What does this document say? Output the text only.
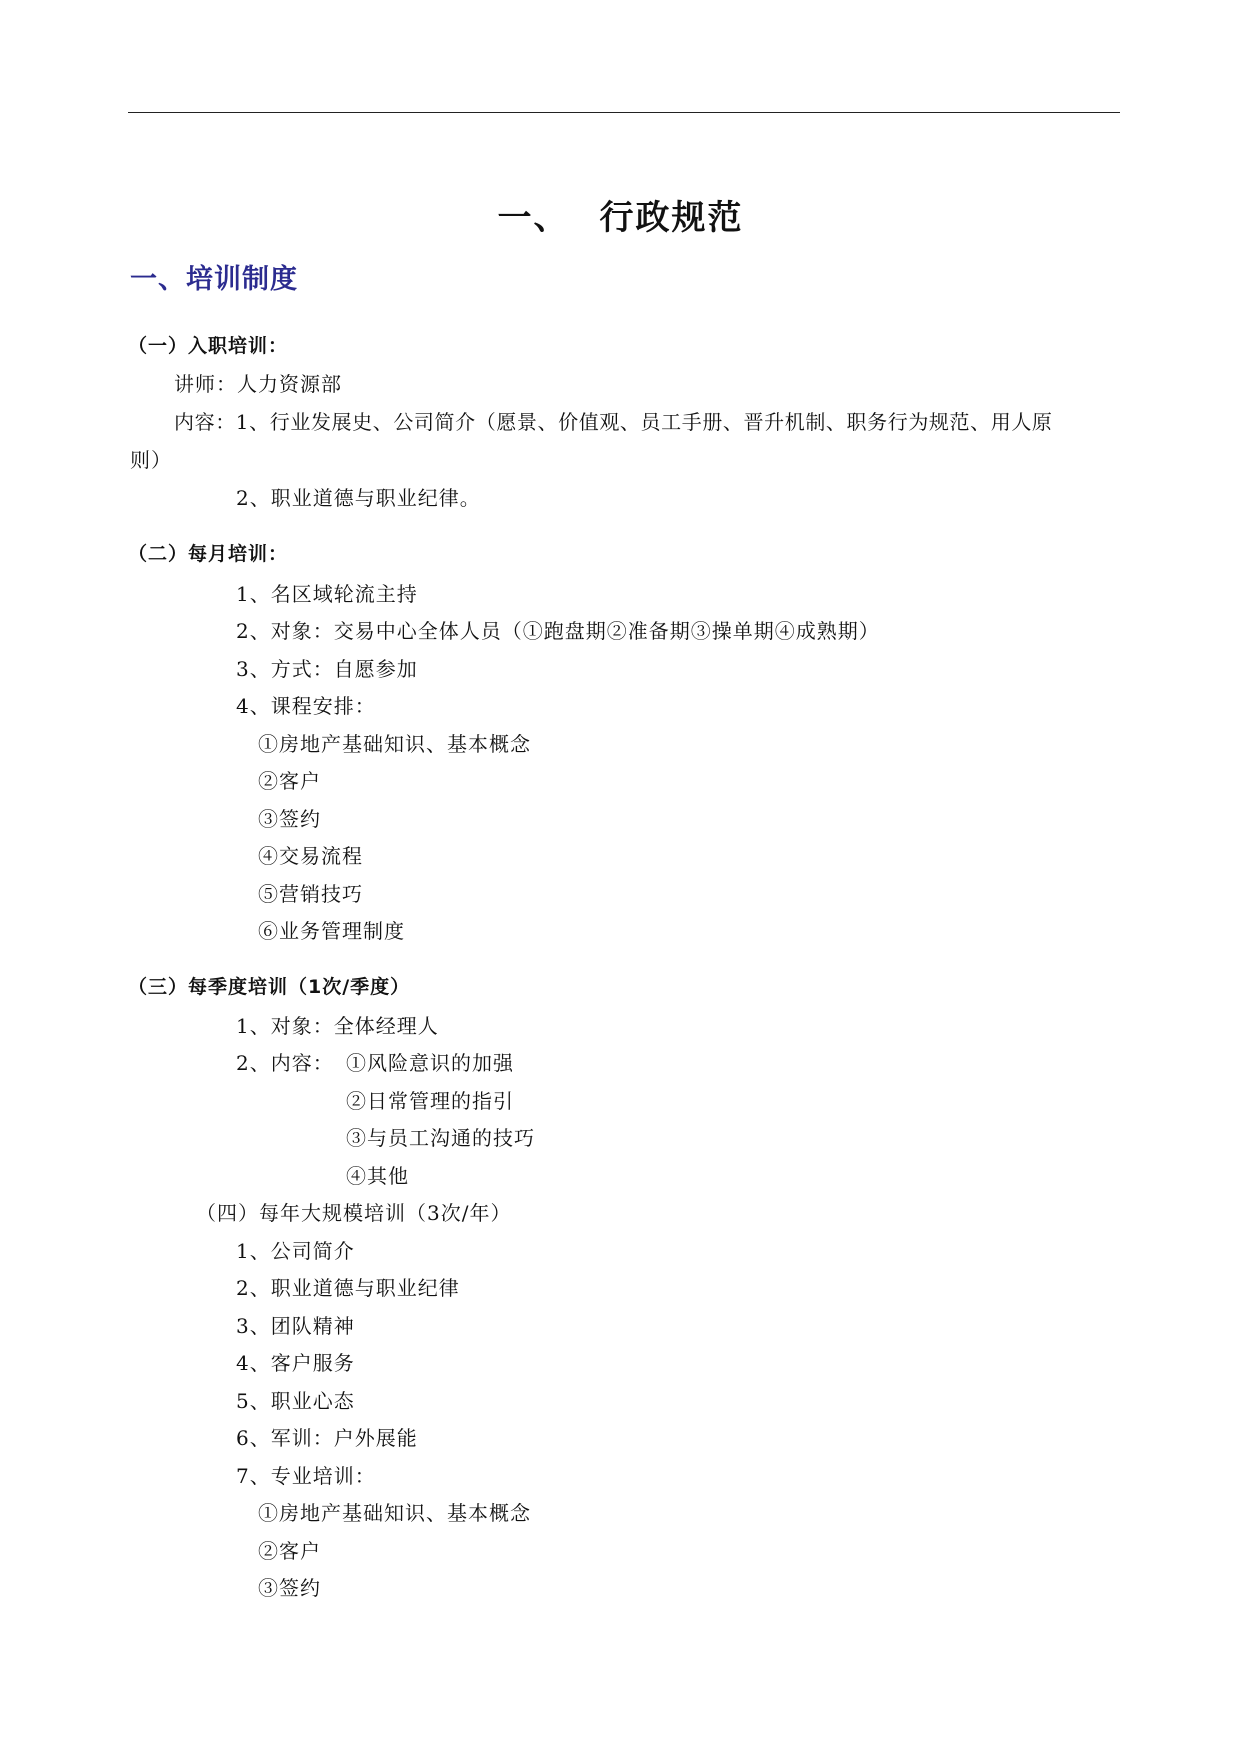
一、 行政规范
一、培训制度
（一）入职培训：
讲师：人力资源部
内容：1、行业发展史、公司简介（愿景、价值观、员工手册、晋升机制、职务行为规范、用人原
则）
2、职业道德与职业纪律。
（二）每月培训：
1、名区域轮流主持
2、对象：交易中心全体人员（①跑盘期②准备期③操单期④成熟期）
3、方式：自愿参加
4、课程安排：
①房地产基础知识、基本概念
②客户
③签约
④交易流程
⑤营销技巧
⑥业务管理制度
（三）每季度培训（1次/季度）
1、对象：全体经理人
2、内容： ①风险意识的加强
②日常管理的指引
③与员工沟通的技巧
④其他
（四）每年大规模培训（3次/年）
1、公司简介
2、职业道德与职业纪律
3、团队精神
4、客户服务
5、职业心态
6、军训：户外展能
7、专业培训：
①房地产基础知识、基本概念
②客户
③签约
